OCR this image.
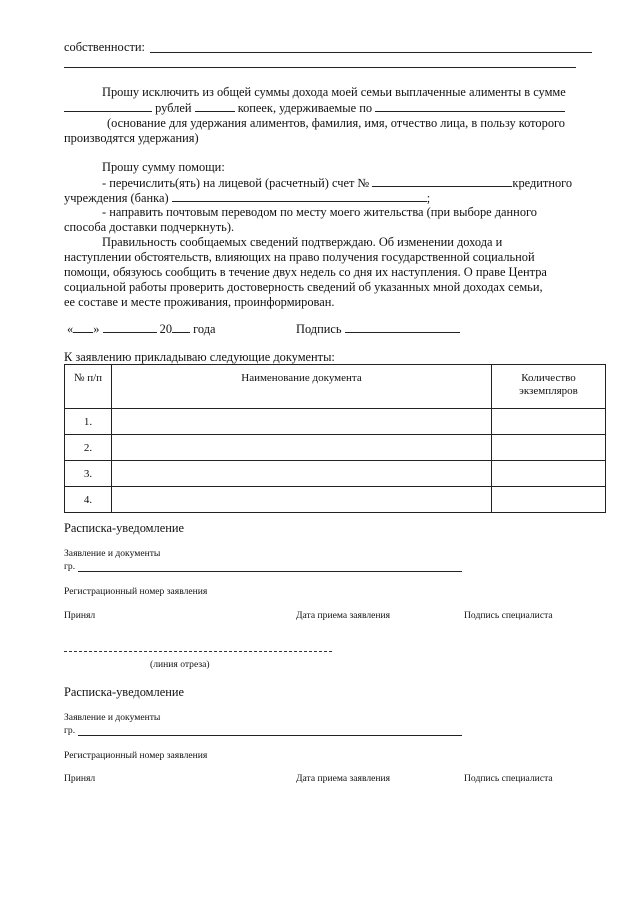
собственности:
Прошу исключить из общей суммы дохода моей семьи выплаченные алименты в сумме
рублей	копеек, удерживаемые по
(основание для удержания алиментов, фамилия, имя, отчество лица, в пользу которого
производятся удержания)
Прошу сумму помощи:
- перечислить(ять) на лицевой (расчетный) счет №	кредитного
учреждения (банка)	;
- направить почтовым переводом по месту моего жительства (при выборе данного
способа доставки подчеркнуть).
Правильность сообщаемых сведений подтверждаю. Об изменении дохода и
наступлении обстоятельств, влияющих на право получения государственной социальной
помощи, обязуюсь сообщить в течение двух недель со дня их наступления. О праве Центра
социальной работы проверить достоверность сведений об указанных мной доходах семьи,
ее составе и месте проживания, проинформирован.
« »	20 года	Подпись
К заявлению прикладываю следующие документы:
№ п/п	Наименование документа	Количество
экземпляров
1.		
2.		
3.		
4.		
Расписка-уведомление
Заявление и документы
гр.
Регистрационный номер заявления
Принял	Дата приема заявления	Подпись специалиста
(линия отреза)
Расписка-уведомление
Заявление и документы
гр.
Регистрационный номер заявления
Принял	Дата приема заявления	Подпись специалиста
